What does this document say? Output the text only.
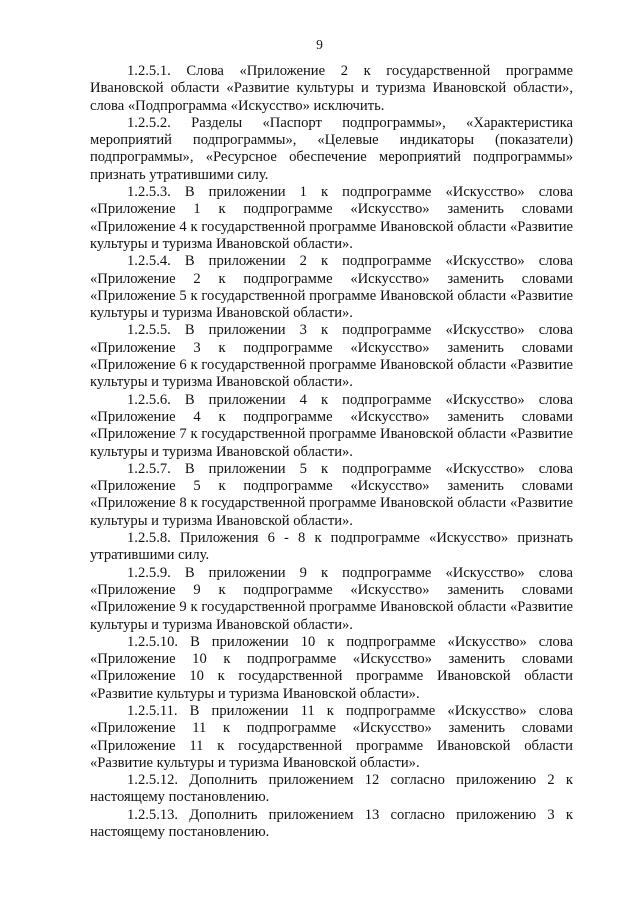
9

1.2.5.1. Слова «Приложение 2 к государственной программе Ивановской области «Развитие культуры и туризма Ивановской области», слова «Подпрограмма «Искусство» исключить.

1.2.5.2. Разделы «Паспорт подпрограммы», «Характеристика мероприятий подпрограммы», «Целевые индикаторы (показатели) подпрограммы», «Ресурсное обеспечение мероприятий подпрограммы» признать утратившими силу.

1.2.5.3. В приложении 1 к подпрограмме «Искусство» слова «Приложение 1 к подпрограмме «Искусство» заменить словами «Приложение 4 к государственной программе Ивановской области «Развитие культуры и туризма Ивановской области».

1.2.5.4. В приложении 2 к подпрограмме «Искусство» слова «Приложение 2 к подпрограмме «Искусство» заменить словами «Приложение 5 к государственной программе Ивановской области «Развитие культуры и туризма Ивановской области».

1.2.5.5. В приложении 3 к подпрограмме «Искусство» слова «Приложение 3 к подпрограмме «Искусство» заменить словами «Приложение 6 к государственной программе Ивановской области «Развитие культуры и туризма Ивановской области».

1.2.5.6. В приложении 4 к подпрограмме «Искусство» слова «Приложение 4 к подпрограмме «Искусство» заменить словами «Приложение 7 к государственной программе Ивановской области «Развитие культуры и туризма Ивановской области».

1.2.5.7. В приложении 5 к подпрограмме «Искусство» слова «Приложение 5 к подпрограмме «Искусство» заменить словами «Приложение 8 к государственной программе Ивановской области «Развитие культуры и туризма Ивановской области».

1.2.5.8. Приложения 6 - 8 к подпрограмме «Искусство» признать утратившими силу.

1.2.5.9. В приложении 9 к подпрограмме «Искусство» слова «Приложение 9 к подпрограмме «Искусство» заменить словами «Приложение 9 к государственной программе Ивановской области «Развитие культуры и туризма Ивановской области».

1.2.5.10. В приложении 10 к подпрограмме «Искусство» слова «Приложение 10 к подпрограмме «Искусство» заменить словами «Приложение 10 к государственной программе Ивановской области «Развитие культуры и туризма Ивановской области».

1.2.5.11. В приложении 11 к подпрограмме «Искусство» слова «Приложение 11 к подпрограмме «Искусство» заменить словами «Приложение 11 к государственной программе Ивановской области «Развитие культуры и туризма Ивановской области».

1.2.5.12. Дополнить приложением 12 согласно приложению 2 к настоящему постановлению.

1.2.5.13. Дополнить приложением 13 согласно приложению 3 к настоящему постановлению.
